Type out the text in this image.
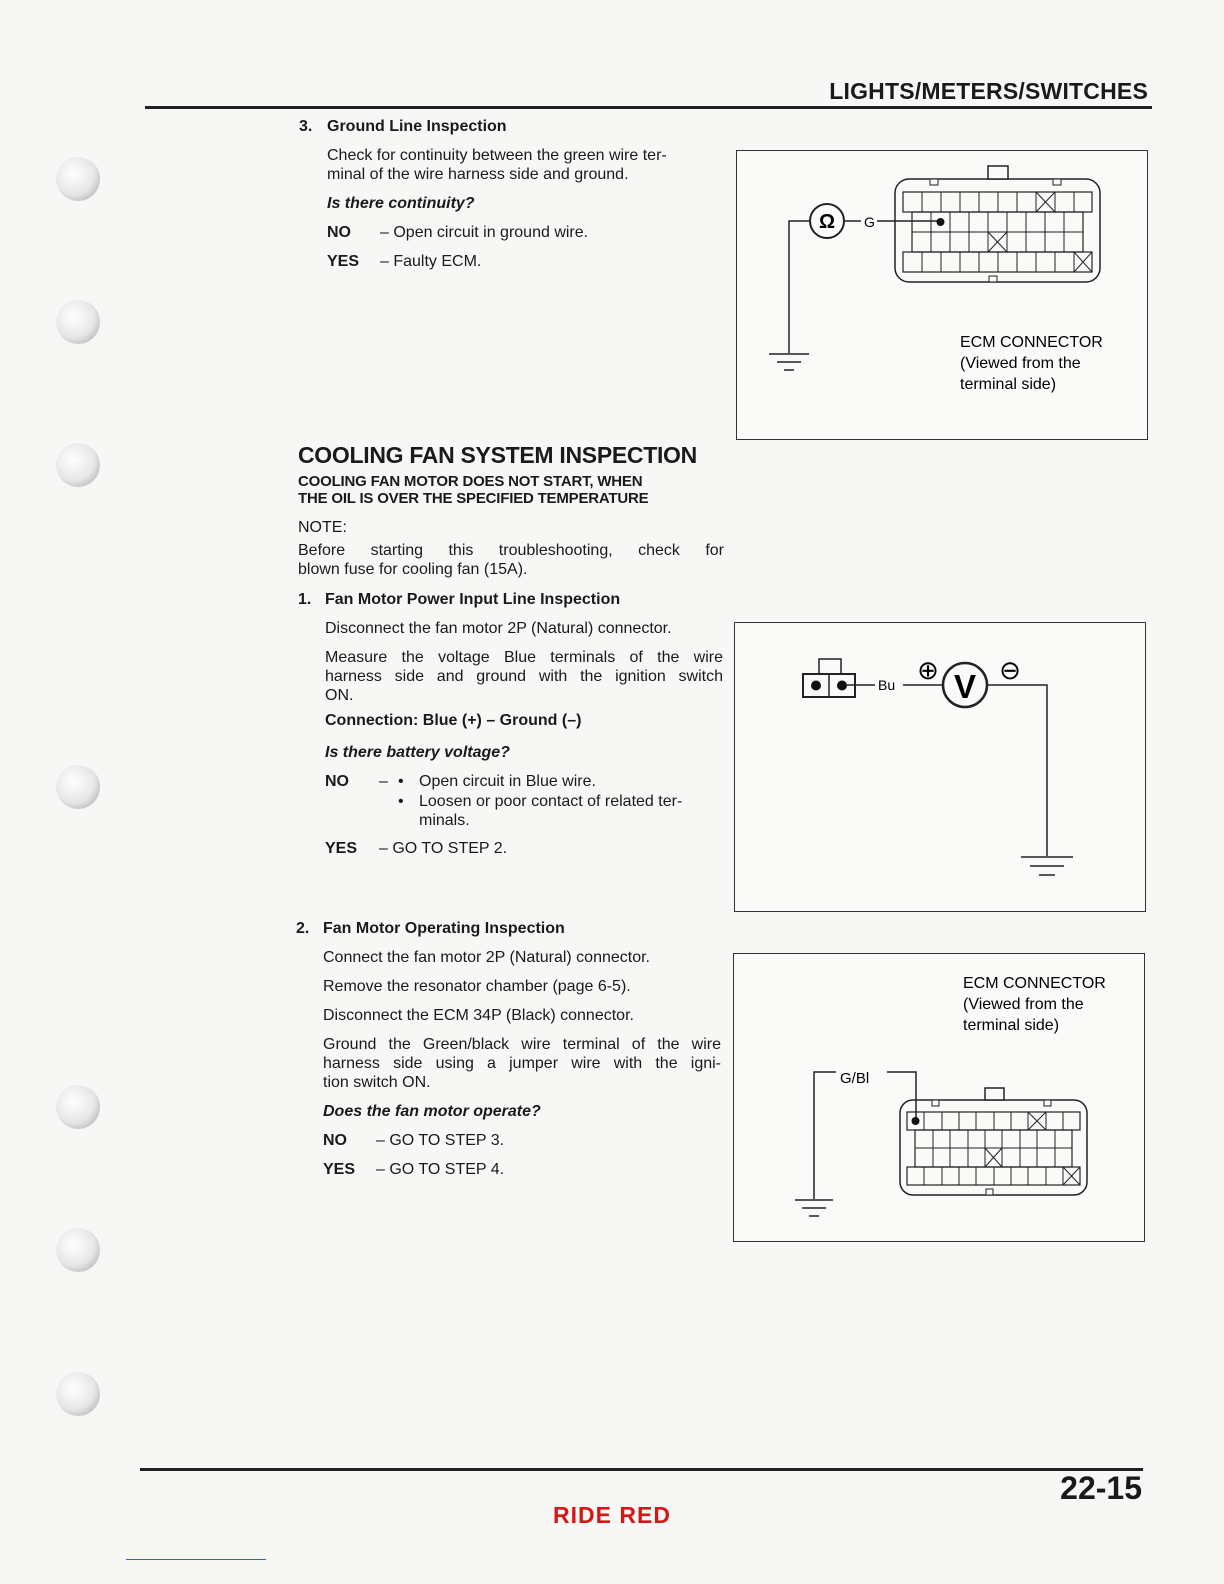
LIGHTS/METERS/SWITCHES
3. Ground Line Inspection
Check for continuity between the green wire ter-
minal of the wire harness side and ground.
Is there continuity?
NO – Open circuit in ground wire.
YES – Faulty ECM.
Ω G
ECM CONNECTOR
(Viewed from the
terminal side)
COOLING FAN SYSTEM INSPECTION
COOLING FAN MOTOR DOES NOT START, WHEN
THE OIL IS OVER THE SPECIFIED TEMPERATURE
NOTE:
Before starting this troubleshooting, check for
blown fuse for cooling fan (15A).
1. Fan Motor Power Input Line Inspection
Disconnect the fan motor 2P (Natural) connector.
Measure the voltage Blue terminals of the wire
harness side and ground with the ignition switch
ON.
Connection: Blue (+) – Ground (–)
Is there battery voltage?
NO – • Open circuit in Blue wire.
• Loosen or poor contact of related ter-
minals.
YES – GO TO STEP 2.
Bu V
⊕ ⊖
2. Fan Motor Operating Inspection
Connect the fan motor 2P (Natural) connector.
Remove the resonator chamber (page 6-5).
Disconnect the ECM 34P (Black) connector.
Ground the Green/black wire terminal of the wire
harness side using a jumper wire with the igni-
tion switch ON.
Does the fan motor operate?
NO – GO TO STEP 3.
YES – GO TO STEP 4.
ECM CONNECTOR
(Viewed from the
terminal side)
G/Bl
22-15
RIDE RED
